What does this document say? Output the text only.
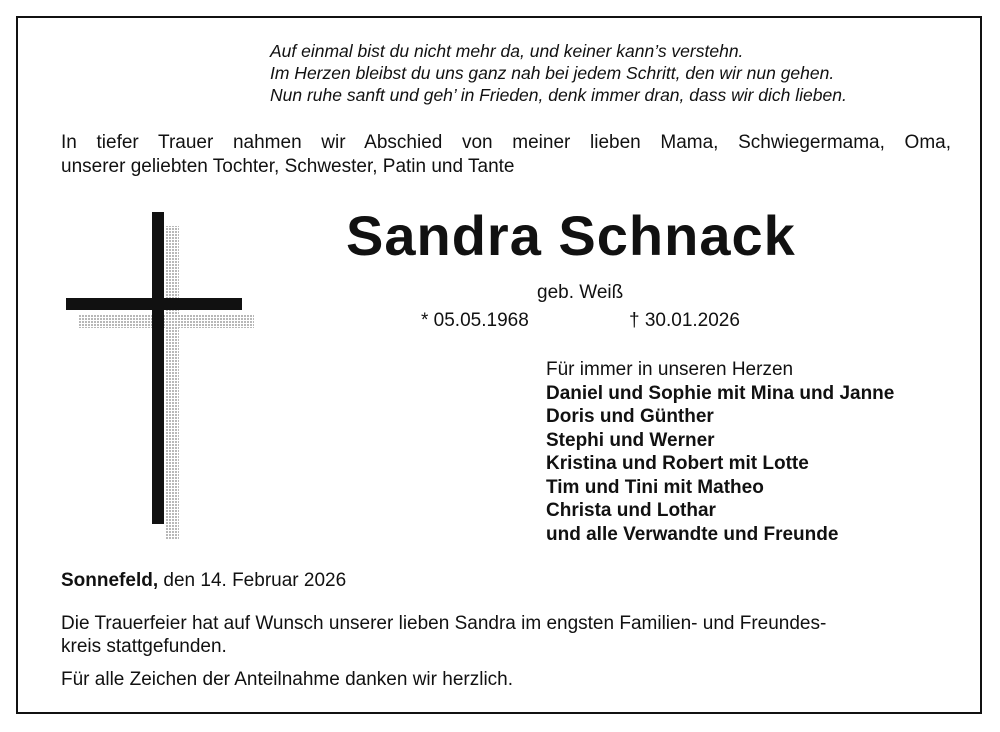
Auf einmal bist du nicht mehr da, und keiner kann’s verstehn.
Im Herzen bleibst du uns ganz nah bei jedem Schritt, den wir nun gehen.
Nun ruhe sanft und geh’ in Frieden, denk immer dran, dass wir dich lieben.
In tiefer Trauer nahmen wir Abschied von meiner lieben Mama, Schwiegermama, Oma,
unserer geliebten Tochter, Schwester, Patin und Tante
Sandra Schnack
geb. Weiß
* 05.05.1968	† 30.01.2026
Für immer in unseren Herzen
Daniel und Sophie mit Mina und Janne
Doris und Günther
Stephi und Werner
Kristina und Robert mit Lotte
Tim und Tini mit Matheo
Christa und Lothar
und alle Verwandte und Freunde
Sonnefeld, den 14. Februar 2026
Die Trauerfeier hat auf Wunsch unserer lieben Sandra im engsten Familien- und Freundes-
kreis stattgefunden.
Für alle Zeichen der Anteilnahme danken wir herzlich.
